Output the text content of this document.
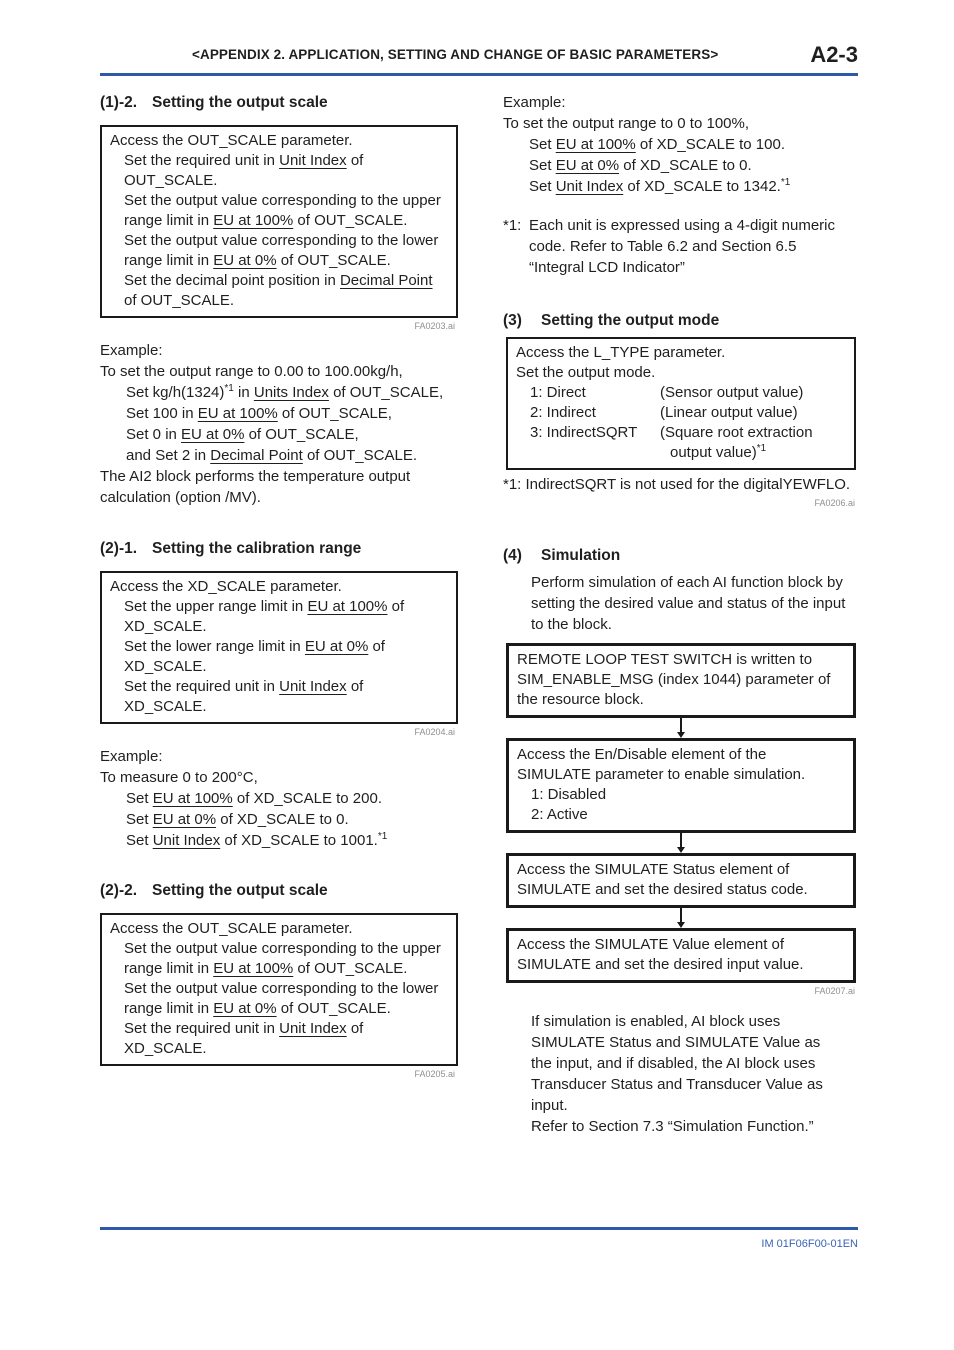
<APPENDIX 2. APPLICATION, SETTING AND CHANGE OF BASIC PARAMETERS>	A2-3
(1)-2. Setting the output scale
Access the OUT_SCALE parameter.
Set the required unit in Unit Index of
OUT_SCALE.
Set the output value corresponding to the upper
range limit in EU at 100% of OUT_SCALE.
Set the output value corresponding to the lower
range limit in EU at 0% of OUT_SCALE.
Set the decimal point position in Decimal Point
of OUT_SCALE.
FA0203.ai
Example:
To set the output range to 0.00 to 100.00kg/h,
Set $kg/h(1324)^{*1}$ in Units Index of OUT_SCALE,
Set 100 in EU at 100% of OUT_SCALE,
Set 0 in EU at 0% of OUT_SCALE,
and Set 2 in Decimal Point of OUT_SCALE.
The AI2 block performs the temperature output
calculation (option /MV).
(2)-1. Setting the calibration range
Access the XD_SCALE parameter.
Set the upper range limit in EU at 100% of
XD_SCALE.
Set the lower range limit in EU at 0% of
XD_SCALE.
Set the required unit in Unit Index of
XD_SCALE.
FA0204.ai
Example:
To measure 0 to 200°C,
Set EU at 100% of XD_SCALE to 200.
Set EU at 0% of XD_SCALE to 0.
Set Unit Index of XD_SCALE to 1001.$^{*1}$
(2)-2. Setting the output scale
Access the OUT_SCALE parameter.
Set the output value corresponding to the upper
range limit in EU at 100% of OUT_SCALE.
Set the output value corresponding to the lower
range limit in EU at 0% of OUT_SCALE.
Set the required unit in Unit Index of
XD_SCALE.
FA0205.ai
Example:
To set the output range to 0 to 100%,
Set EU at 100% of XD_SCALE to 100.
Set EU at 0% of XD_SCALE to 0.
Set Unit Index of XD_SCALE to 1342.$^{*1}$
*1: Each unit is expressed using a 4-digit numeric
code. Refer to Table 6.2 and Section 6.5
“Integral LCD Indicator”
(3)	Setting the output mode
Access the L_TYPE parameter.
Set the output mode.
1: Direct	(Sensor output value)
2: Indirect	(Linear output value)
3: IndirectSQRT	(Square root extraction output value)$^{*1}$
*1: IndirectSQRT is not used for the digitalYEWFLO.
FA0206.ai
(4)	Simulation
Perform simulation of each AI function block by
setting the desired value and status of the input
to the block.
REMOTE LOOP TEST SWITCH is written to
SIM_ENABLE_MSG (index 1044) parameter of
the resource block.
Access the En/Disable element of the
SIMULATE parameter to enable simulation.
1: Disabled
2: Active
Access the SIMULATE Status element of
SIMULATE and set the desired status code.
Access the SIMULATE Value element of
SIMULATE and set the desired input value.
FA0207.ai
If simulation is enabled, AI block uses
SIMULATE Status and SIMULATE Value as
the input, and if disabled, the AI block uses
Transducer Status and Transducer Value as
input.
Refer to Section 7.3 “Simulation Function.”
IM 01F06F00-01EN
